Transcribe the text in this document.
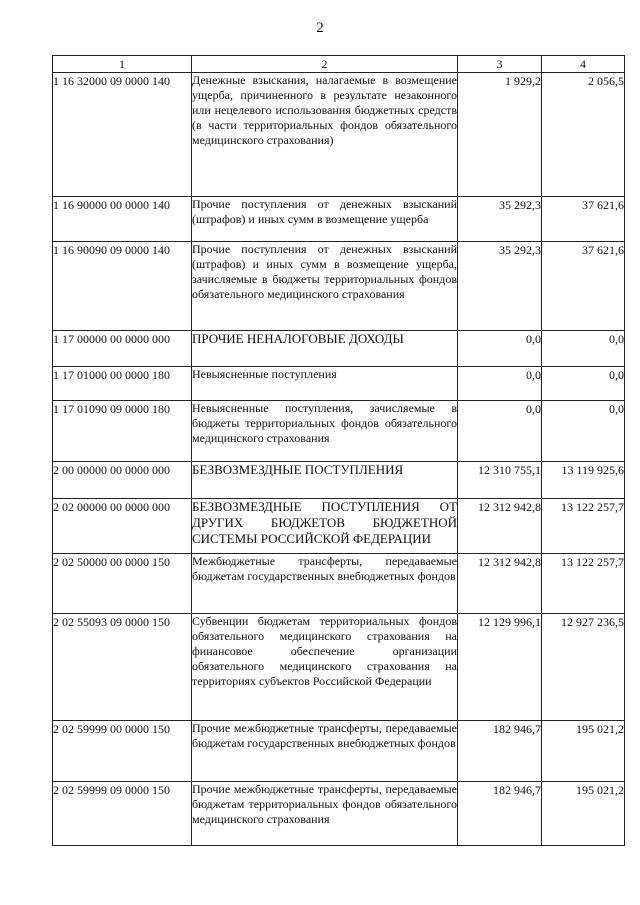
2
1	2	3	4
1 16 32000 09 0000 140	Денежные взыскания, налагаемые в возмещение ущерба, причиненного в результате незаконного или нецелевого использования бюджетных средств (в части территориальных фондов обязательного медицинского страхования)	1 929,2	2 056,5
1 16 90000 00 0000 140	Прочие поступления от денежных взысканий (штрафов) и иных сумм в возмещение ущерба	35 292,3	37 621,6
1 16 90090 09 0000 140	Прочие поступления от денежных взысканий (штрафов) и иных сумм в возмещение ущерба, зачисляемые в бюджеты территориальных фондов обязательного медицинского страхования	35 292,3	37 621,6
1 17 00000 00 0000 000	ПРОЧИЕ НЕНАЛОГОВЫЕ ДОХОДЫ	0,0	0,0
1 17 01000 00 0000 180	Невыясненные поступления	0,0	0,0
1 17 01090 09 0000 180	Невыясненные поступления, зачисляемые в бюджеты территориальных фондов обязательного медицинского страхования	0,0	0,0
2 00 00000 00 0000 000	БЕЗВОЗМЕЗДНЫЕ ПОСТУПЛЕНИЯ	12 310 755,1	13 119 925,6
2 02 00000 00 0000 000	БЕЗВОЗМЕЗДНЫЕ ПОСТУПЛЕНИЯ ОТ ДРУГИХ БЮДЖЕТОВ БЮДЖЕТНОЙ СИСТЕМЫ РОССИЙСКОЙ ФЕДЕРАЦИИ	12 312 942,8	13 122 257,7
2 02 50000 00 0000 150	Межбюджетные трансферты, передаваемые бюджетам государственных внебюджетных фондов	12 312 942,8	13 122 257,7
2 02 55093 09 0000 150	Субвенции бюджетам территориальных фондов обязательного медицинского страхования на финансовое обеспечение организации обязательного медицинского страхования на территориях субъектов Российской Федерации	12 129 996,1	12 927 236,5
2 02 59999 00 0000 150	Прочие межбюджетные трансферты, передаваемые бюджетам государственных внебюджетных фондов	182 946,7	195 021,2
2 02 59999 09 0000 150	Прочие межбюджетные трансферты, передаваемые бюджетам территориальных фондов обязательного медицинского страхования	182 946,7	195 021,2
